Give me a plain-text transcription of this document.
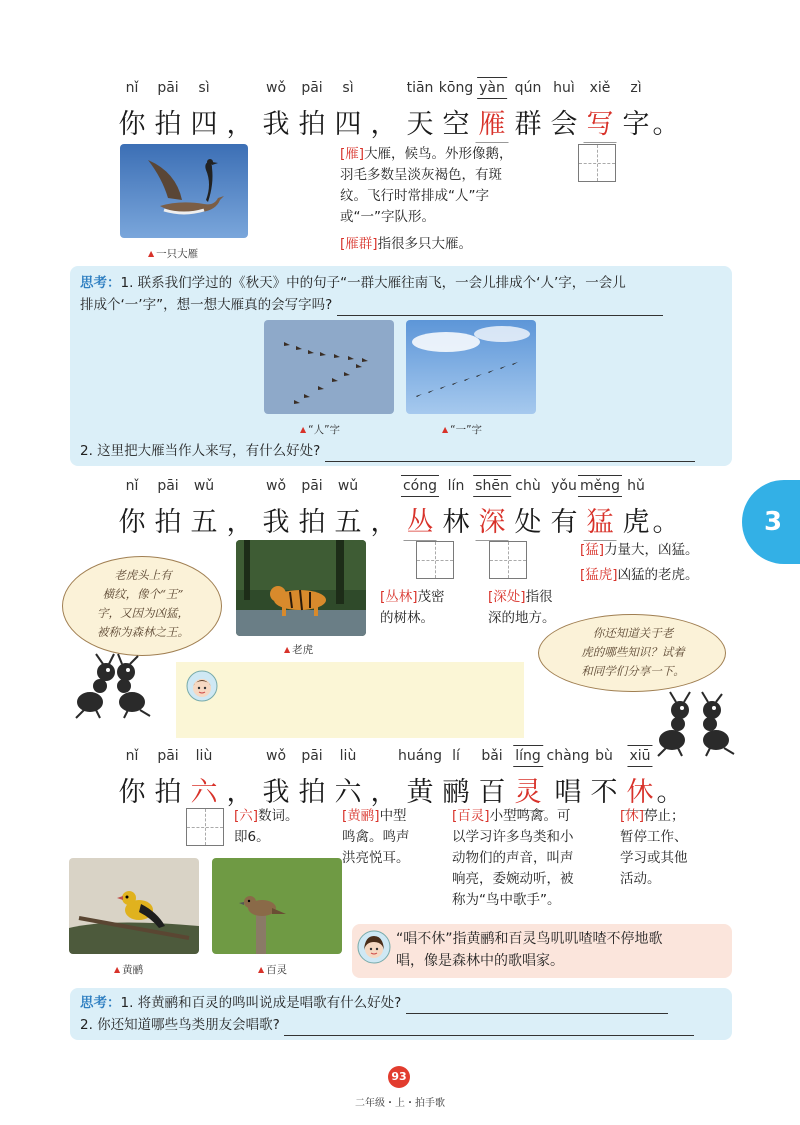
nǐ pāi sì	wǒ pāi sì	tiān kōng yàn qún huì xiě zì
你 拍 四 ， 我 拍 四 ， 天 空 雁 群 会 写 字 。
▲ 一只大雁
[ 雁 ] 大雁，候鸟。外形像鹅，
羽毛多数呈淡灰褐色，有斑
纹。飞行时常排成“人”字
或“一”字队形。
[ 雁群 ] 指很多只大雁。
思考：1. 联系我们学过的《秋天》中的句子“一群大雁往南飞，一会儿排成个‘人’字，一会儿
排成个‘一’字”，想一想大雁真的会写字吗?
▲ “人”字	▲ “一”字
2. 这里把大雁当作人来写，有什么好处?
nǐ pāi wǔ	wǒ pāi wǔ	cóng lín shēn chù yǒu měng hǔ
你 拍 五 ， 我 拍 五 ， 丛 林 深 处 有 猛 虎 。	3
老虎头上有
横纹，像个“王”
字，又因为凶猛，
被称为森林之王。
▲ 老虎
[ 猛 ] 力量大，凶猛。
[ 猛虎 ] 凶猛的老虎。
[ 丛林 ] 茂密
的树林。
[ 深处 ] 指很
深的地方。
你还知道关于老
虎的哪些知识？试着
和同学们分享一下。
nǐ pāi liù	wǒ pāi liù	huáng lí bǎi líng chàng bù xiū
你 拍 六 ， 我 拍 六 ， 黄 鹂 百 灵 唱 不 休 。
[ 六 ] 数词。
即6。
[ 黄鹂 ] 中型
鸣禽。鸣声
洪亮悦耳。
[ 百灵 ] 小型鸣禽。可
以学习许多鸟类和小
动物们的声音，叫声
响亮，委婉动听，被
称为“鸟中歌手”。
[ 休 ] 停止；
暂停工作、
学习或其他
活动。
▲ 黄鹂	▲ 百灵
“唱不休”指黄鹂和百灵鸟叽叽喳喳不停地歌
唱，像是森林中的歌唱家。
思考：1. 将黄鹂和百灵的鸣叫说成是唱歌有什么好处?
2. 你还知道哪些鸟类朋友会唱歌?
93
二年级・上・拍手歌
